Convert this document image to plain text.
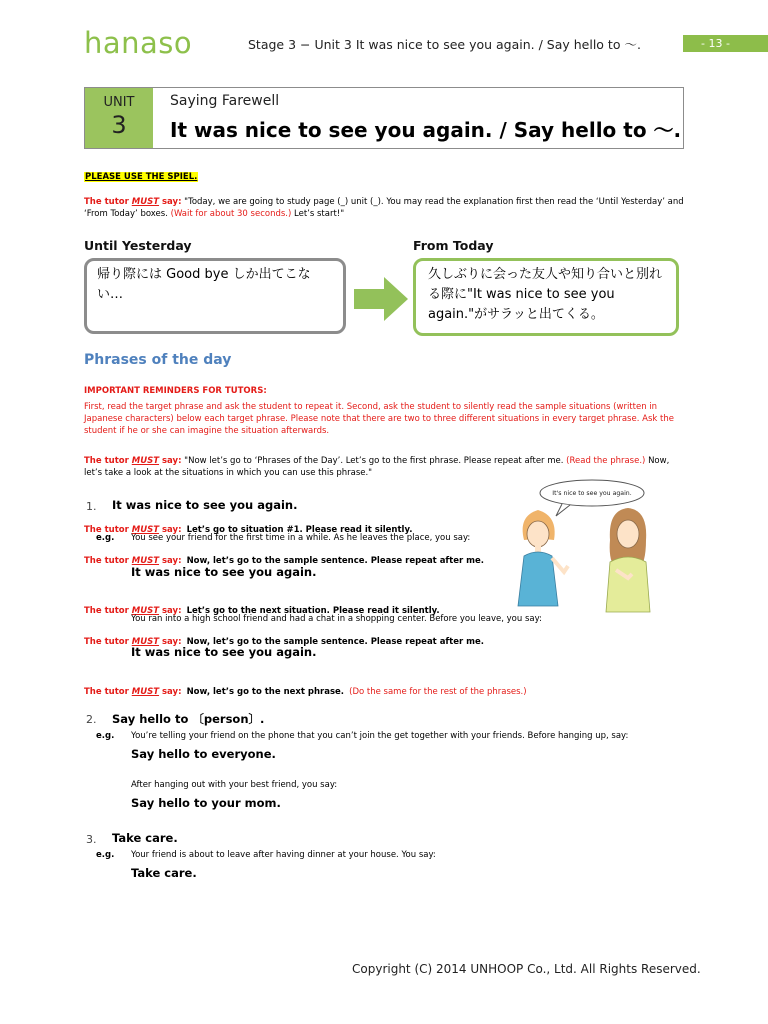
hanaso	Stage 3 − Unit 3 It was nice to see you again. / Say hello to ～.	- 13 -
UNIT
3
Saying Farewell
It was nice to see you again. / Say hello to ～.
PLEASE USE THE SPIEL.
The tutor MUST say: "Today, we are going to study page (_) unit (_). You may read the explanation first then read the ‘Until Yesterday’ and ‘From Today’ boxes. (Wait for about 30 seconds.) Let’s start!"
Until Yesterday
帰り際には Good bye しか出てこない…
From Today
久しぶりに会った友人や知り合いと別れる際に"It was nice to see you again."がサラッと出てくる。
Phrases of the day
IMPORTANT REMINDERS FOR TUTORS:
First, read the target phrase and ask the student to repeat it. Second, ask the student to silently read the sample situations (written in Japanese characters) below each target phrase. Please note that there are two to three different situations in every target phrase. Ask the student if he or she can imagine the situation afterwards.
The tutor MUST say: "Now let’s go to ‘Phrases of the Day’. Let’s go to the first phrase. Please repeat after me. (Read the phrase.) Now, let’s take a look at the situations in which you can use this phrase."
It's nice to see you again.
1. It was nice to see you again.
The tutor MUST say: Let’s go to situation #1. Please read it silently.
e.g. You see your friend for the first time in a while. As he leaves the place, you say:
The tutor MUST say: Now, let’s go to the sample sentence. Please repeat after me.
It was nice to see you again.
The tutor MUST say: Let’s go to the next situation. Please read it silently.
You ran into a high school friend and had a chat in a shopping center. Before you leave, you say:
The tutor MUST say: Now, let’s go to the sample sentence. Please repeat after me.
It was nice to see you again.
The tutor MUST say: Now, let’s go to the next phrase. (Do the same for the rest of the phrases.)
2. Say hello to 〔person〕.
e.g. You’re telling your friend on the phone that you can’t join the get together with your friends. Before hanging up, say:
Say hello to everyone.
After hanging out with your best friend, you say:
Say hello to your mom.
3. Take care.
e.g. Your friend is about to leave after having dinner at your house. You say:
Take care.
Copyright (C) 2014 UNHOOP Co., Ltd. All Rights Reserved.
